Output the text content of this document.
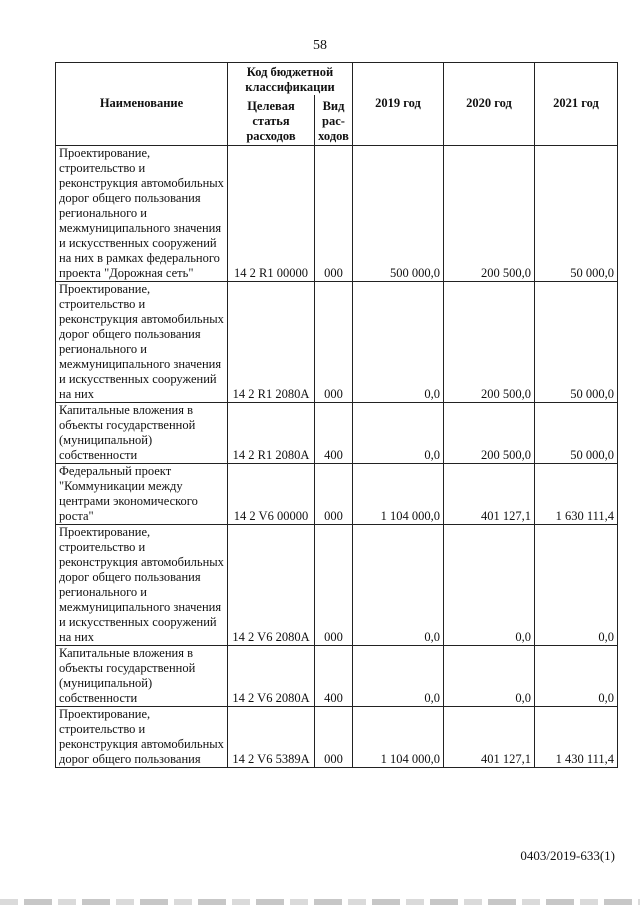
58
Наименование	Код бюджетной классификации		2019 год	2020 год	2021 год
	Целевая статья расходов	Вид рас-ходов			
Проектирование, строительство и реконструкция автомобильных дорог общего пользования регионального и межмуниципального значения и искусственных сооружений на них в рамках федерального проекта "Дорожная сеть"	14 2 R1 00000	000	500 000,0	200 500,0	50 000,0
Проектирование, строительство и реконструкция автомобильных дорог общего пользования регионального и межмуниципального значения и искусственных сооружений на них	14 2 R1 2080А	000	0,0	200 500,0	50 000,0
Капитальные вложения в объекты государственной (муниципальной) собственности	14 2 R1 2080А	400	0,0	200 500,0	50 000,0
Федеральный проект "Коммуникации между центрами экономического роста"	14 2 V6 00000	000	1 104 000,0	401 127,1	1 630 111,4
Проектирование, строительство и реконструкция автомобильных дорог общего пользования регионального и межмуниципального значения и искусственных сооружений на них	14 2 V6 2080А	000	0,0	0,0	0,0
Капитальные вложения в объекты государственной (муниципальной) собственности	14 2 V6 2080А	400	0,0	0,0	0,0
Проектирование, строительство и реконструкция автомобильных дорог общего пользования	14 2 V6 5389А	000	1 104 000,0	401 127,1	1 430 111,4
0403/2019-633(1)
